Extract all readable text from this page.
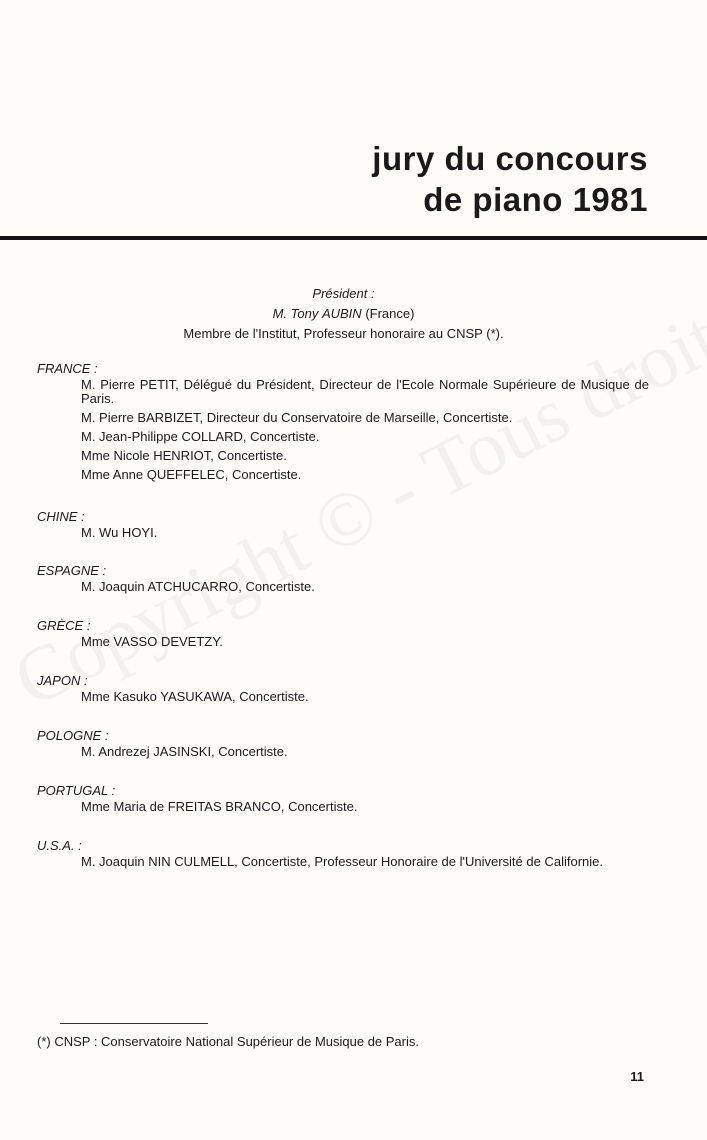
jury du concours
de piano 1981
Président :
M. Tony AUBIN (France)
Membre de l'Institut, Professeur honoraire au CNSP (*).
FRANCE :
M. Pierre PETIT, Délégué du Président, Directeur de l'Ecole Normale Supérieure de Musique de Paris.
M. Pierre BARBIZET, Directeur du Conservatoire de Marseille, Concertiste.
M. Jean-Philippe COLLARD, Concertiste.
Mme Nicole HENRIOT, Concertiste.
Mme Anne QUEFFELEC, Concertiste.
CHINE :
M. Wu HOYI.
ESPAGNE :
M. Joaquin ATCHUCARRO, Concertiste.
GRÈCE :
Mme VASSO DEVETZY.
JAPON :
Mme Kasuko YASUKAWA, Concertiste.
POLOGNE :
M. Andrezej JASINSKI, Concertiste.
PORTUGAL :
Mme Maria de FREITAS BRANCO, Concertiste.
U.S.A. :
M. Joaquin NIN CULMELL, Concertiste, Professeur Honoraire de l'Université de Californie.
(*) CNSP : Conservatoire National Supérieur de Musique de Paris.
11
